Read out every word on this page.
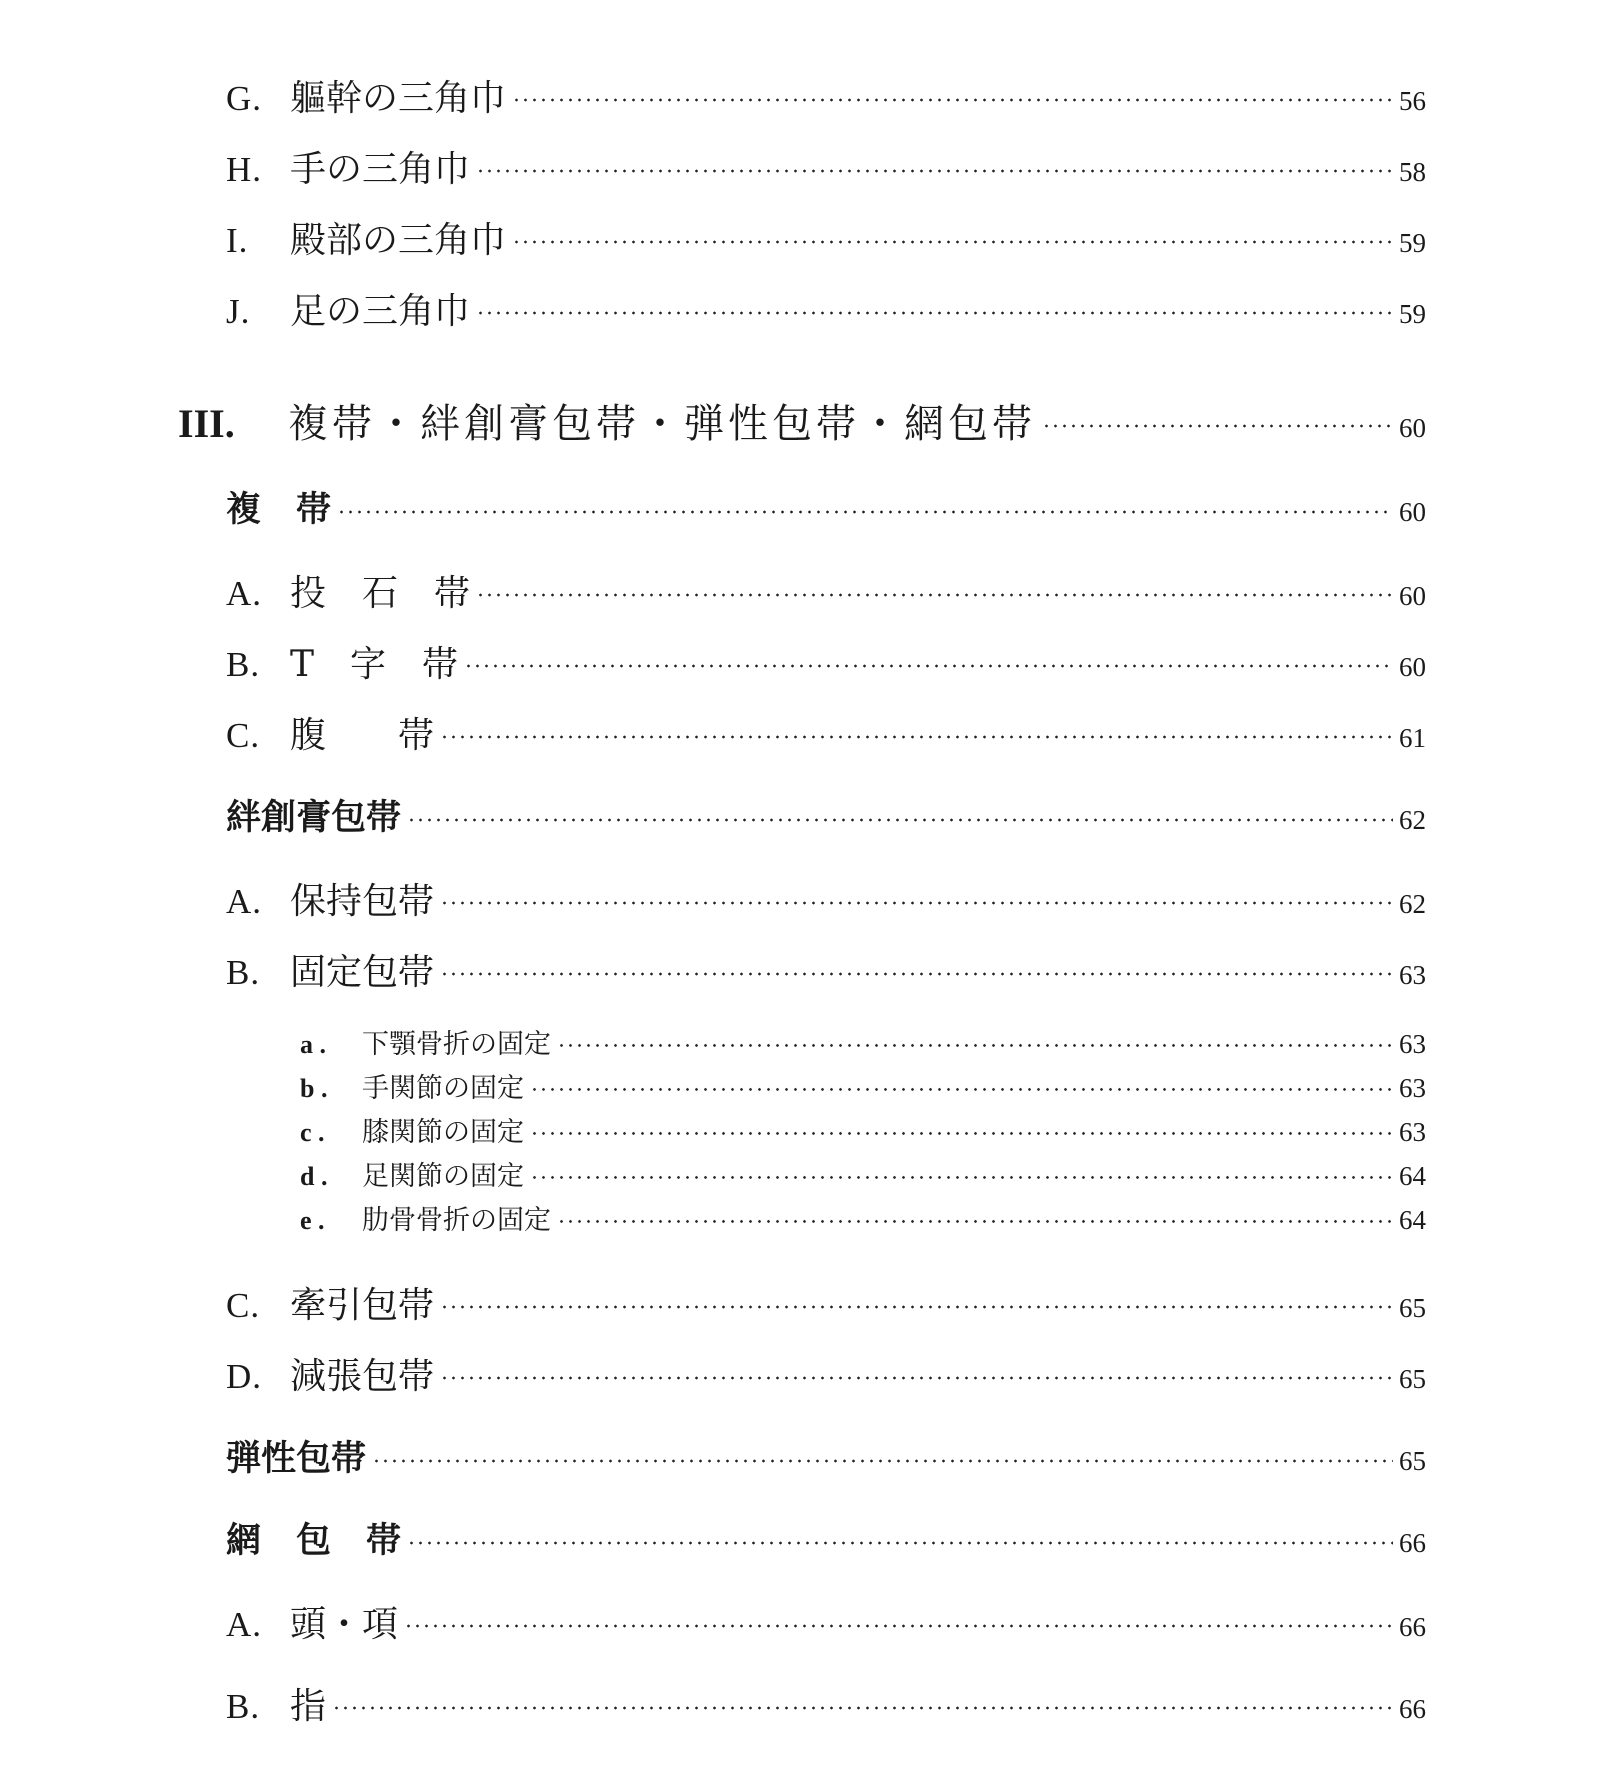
G. 軀幹の三角巾	56
H. 手の三角巾	58
I.	殿部の三角巾	59
J.	足の三角巾	59
III.	複帯・絆創膏包帯・弾性包帯・網包帯	60
複　帯	60
A. 投　石　帯	60
B. T　字　帯	60
C. 腹　　帯	61
絆創膏包帯	62
A. 保持包帯	62
B. 固定包帯	63
a .	下顎骨折の固定	63
b .	手関節の固定	63
c .	膝関節の固定	63
d .	足関節の固定	64
e .	肋骨骨折の固定	64
C. 牽引包帯	65
D. 減張包帯	65
弾性包帯	65
網　包　帯	66
A. 頭・項	66
B. 指	66
